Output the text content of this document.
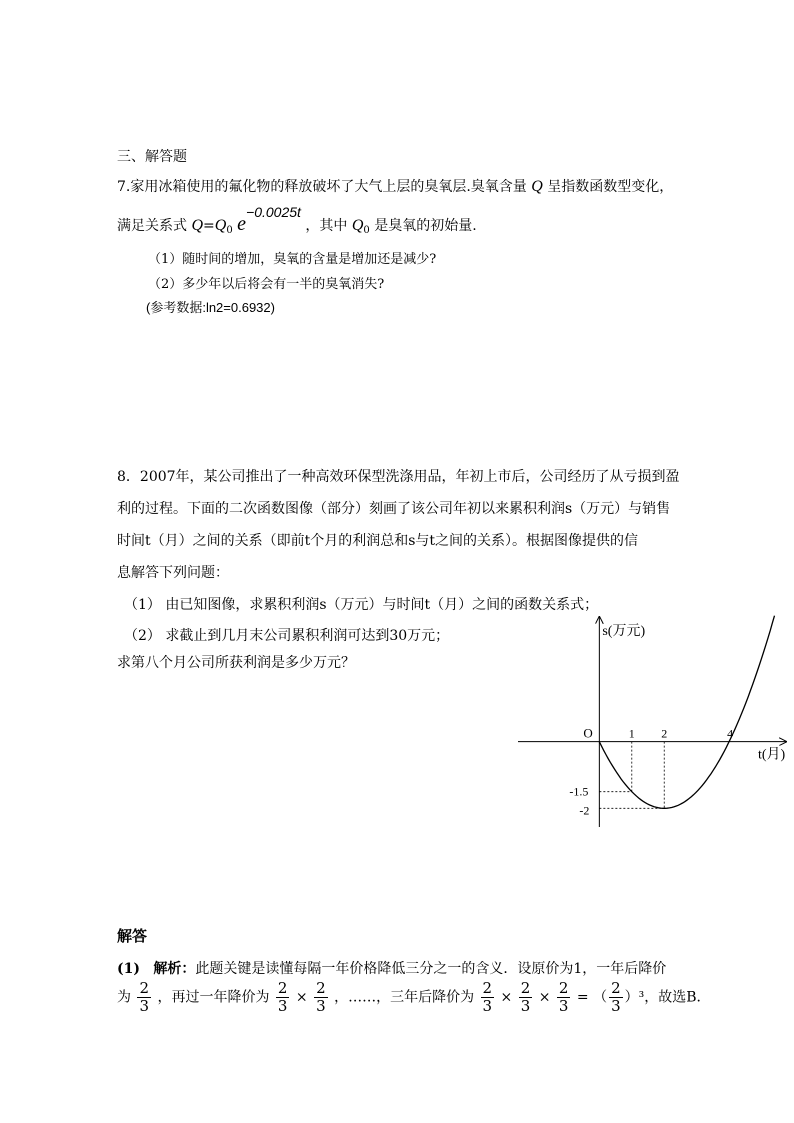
三、解答题
7.家用冰箱使用的氟化物的释放破坏了大气上层的臭氧层.臭氧含量 Q 呈指数函数型变化，
满足关系式 $Q=Q_0$ e−0.0025t ，其中 $Q_0$ 是臭氧的初始量.
（1）随时间的增加，臭氧的含量是增加还是减少?
（2）多少年以后将会有一半的臭氧消失?
(参考数据:ln2=0.6932)
8．2007年，某公司推出了一种高效环保型洗涤用品，年初上市后，公司经历了从亏损到盈
利的过程。下面的二次函数图像（部分）刻画了该公司年初以来累积利润s（万元）与销售
时间t（月）之间的关系（即前t个月的利润总和s与t之间的关系）。根据图像提供的信
息解答下列问题：
（1） 由已知图像，求累积利润s（万元）与时间t（月）之间的函数关系式；
（2） 求截止到几月末公司累积利润可达到30万元；
求第八个月公司所获利润是多少万元？
s(万元)
t(月)
O	1 2	4
-1.5
-2
解答
(1) 解析：此题关键是读懂每隔一年价格降低三分之一的含义．设原价为1，一年后降价
为 $\frac{2}{3}$ ，再过一年降价为 $\frac{2}{3} \times \frac{2}{3}$ ，……，三年后降价为 $\frac{2}{3} \times \frac{2}{3} \times \frac{2}{3}$ = （ $\frac{2}{3} )^3$，故选B．
